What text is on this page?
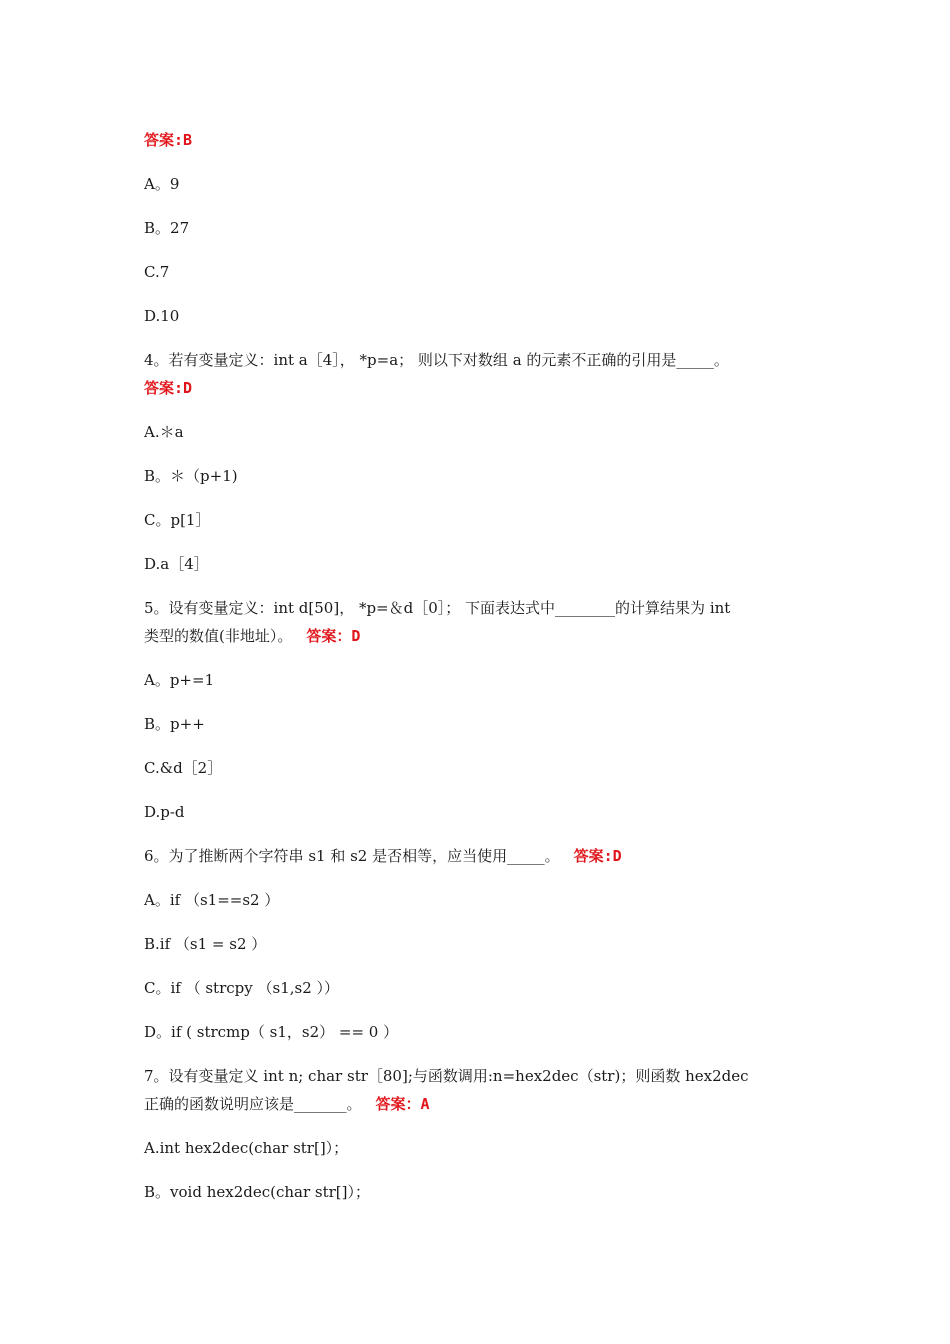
答案:B
A。9
B。27
C.7
D.10
4。若有变量定义：int a［4］， *p=a； 则以下对数组 a 的元素不正确的引用是_____。
答案:D
A.＊a
B。＊（p+1)
C。p[1］
D.a［4］
5。设有变量定义：int d[50]， *p=＆d［0］； 下面表达式中________的计算结果为 int
类型的数值(非地址）。 答案：D
A。p+=1
B。p++
C.&d［2］
D.p-d
6。为了推断两个字符串 s1 和 s2 是否相等，应当使用_____。 答案:D
A。if （s1==s2 ）
B.if （s1 = s2 ）
C。if （ strcpy （s1,s2 ））
D。if ( strcmp（ s1，s2） == 0 ）
7。设有变量定义 int n; char str［80];与函数调用:n=hex2dec（str)；则函数 hex2dec
正确的函数说明应该是_______。 答案：A
A.int hex2dec(char str[]）；
B。void hex2dec(char str[]）；
